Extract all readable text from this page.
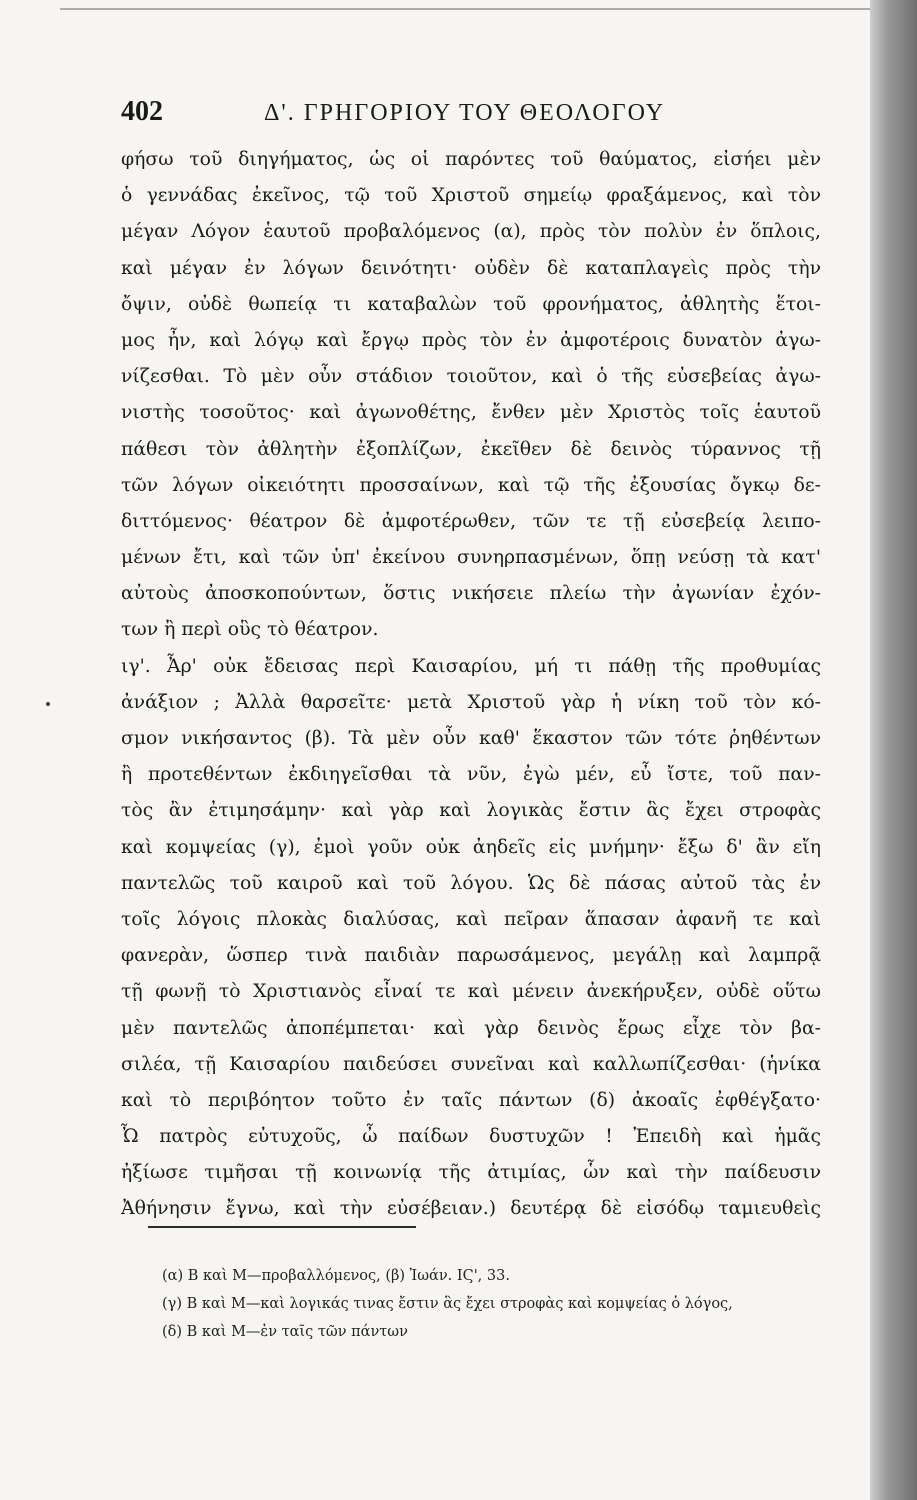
402	Δ'. ΓΡΗΓΟΡΙΟΥ ΤΟΥ ΘΕΟΛΟΓΟΥ
φήσω τοῦ διηγήματος, ὡς οἱ παρόντες τοῦ θαύματος, εἰσήει μὲν
ὁ γεννάδας ἐκεῖνος, τῷ τοῦ Χριστοῦ σημείῳ φραξάμενος, καὶ τὸν
μέγαν Λόγον ἑαυτοῦ προβαλόμενος (α), πρὸς τὸν πολὺν ἐν ὅπλοις,
καὶ μέγαν ἐν λόγων δεινότητι· οὐδὲν δὲ καταπλαγεὶς πρὸς τὴν
ὄψιν, οὐδὲ θωπείᾳ τι καταβαλὼν τοῦ φρονήματος, ἀθλητὴς ἕτοι-
μος ἦν, καὶ λόγῳ καὶ ἔργῳ πρὸς τὸν ἐν ἀμφοτέροις δυνατὸν ἀγω-
νίζεσθαι. Τὸ μὲν οὖν στάδιον τοιοῦτον, καὶ ὁ τῆς εὐσεβείας ἀγω-
νιστὴς τοσοῦτος· καὶ ἀγωνοθέτης, ἔνθεν μὲν Χριστὸς τοῖς ἑαυτοῦ
πάθεσι τὸν ἀθλητὴν ἐξοπλίζων, ἐκεῖθεν δὲ δεινὸς τύραννος τῇ
τῶν λόγων οἰκειότητι προσσαίνων, καὶ τῷ τῆς ἐξουσίας ὄγκῳ δε-
διττόμενος· θέατρον δὲ ἀμφοτέρωθεν, τῶν τε τῇ εὐσεβείᾳ λειπο-
μένων ἔτι, καὶ τῶν ὑπ' ἐκείνου συνηρπασμένων, ὅπῃ νεύσῃ τὰ κατ'
αὐτοὺς ἀποσκοπούντων, ὅστις νικήσειε πλείω τὴν ἀγωνίαν ἐχόν-
των ἢ περὶ οὓς τὸ θέατρον.
ιγ'. Ἆρ' οὐκ ἔδεισας περὶ Καισαρίου, μή τι πάθῃ τῆς προθυμίας
ἀνάξιον ; Ἀλλὰ θαρσεῖτε· μετὰ Χριστοῦ γὰρ ἡ νίκη τοῦ τὸν κό-
σμον νικήσαντος (β). Τὰ μὲν οὖν καθ' ἕκαστον τῶν τότε ῥηθέντων
ἢ προτεθέντων ἐκδιηγεῖσθαι τὰ νῦν, ἐγὼ μέν, εὖ ἴστε, τοῦ παν-
τὸς ἂν ἐτιμησάμην· καὶ γὰρ καὶ λογικὰς ἔστιν ἃς ἔχει στροφὰς
καὶ κομψείας (γ), ἐμοὶ γοῦν οὐκ ἀηδεῖς εἰς μνήμην· ἔξω δ' ἂν εἴη
παντελῶς τοῦ καιροῦ καὶ τοῦ λόγου. Ὡς δὲ πάσας αὐτοῦ τὰς ἐν
τοῖς λόγοις πλοκὰς διαλύσας, καὶ πεῖραν ἅπασαν ἀφανῆ τε καὶ
φανερὰν, ὥσπερ τινὰ παιδιὰν παρωσάμενος, μεγάλῃ καὶ λαμπρᾷ
τῇ φωνῇ τὸ Χριστιανὸς εἶναί τε καὶ μένειν ἀνεκήρυξεν, οὐδὲ οὕτω
μὲν παντελῶς ἀποπέμπεται· καὶ γὰρ δεινὸς ἔρως εἶχε τὸν βα-
σιλέα, τῇ Καισαρίου παιδεύσει συνεῖναι καὶ καλλωπίζεσθαι· (ἡνίκα
καὶ τὸ περιβόητον τοῦτο ἐν ταῖς πάντων (δ) ἀκοαῖς ἐφθέγξατο·
Ὦ πατρὸς εὐτυχοῦς, ὦ παίδων δυστυχῶν ! Ἐπειδὴ καὶ ἡμᾶς
ἠξίωσε τιμῆσαι τῇ κοινωνίᾳ τῆς ἀτιμίας, ὧν καὶ τὴν παίδευσιν
Ἀθήνησιν ἔγνω, καὶ τὴν εὐσέβειαν.) δευτέρᾳ δὲ εἰσόδῳ ταμιευθεὶς
(α) Β καὶ Μ—προβαλλόμενος, (β) Ἰωάν. ΙϚ', 33.
(γ) Β καὶ Μ—καὶ λογικάς τινας ἔστιν ἃς ἔχει στροφὰς καὶ κομψείας ὁ λόγος,
(δ) Β καὶ Μ—ἐν ταῖς τῶν πάντων
